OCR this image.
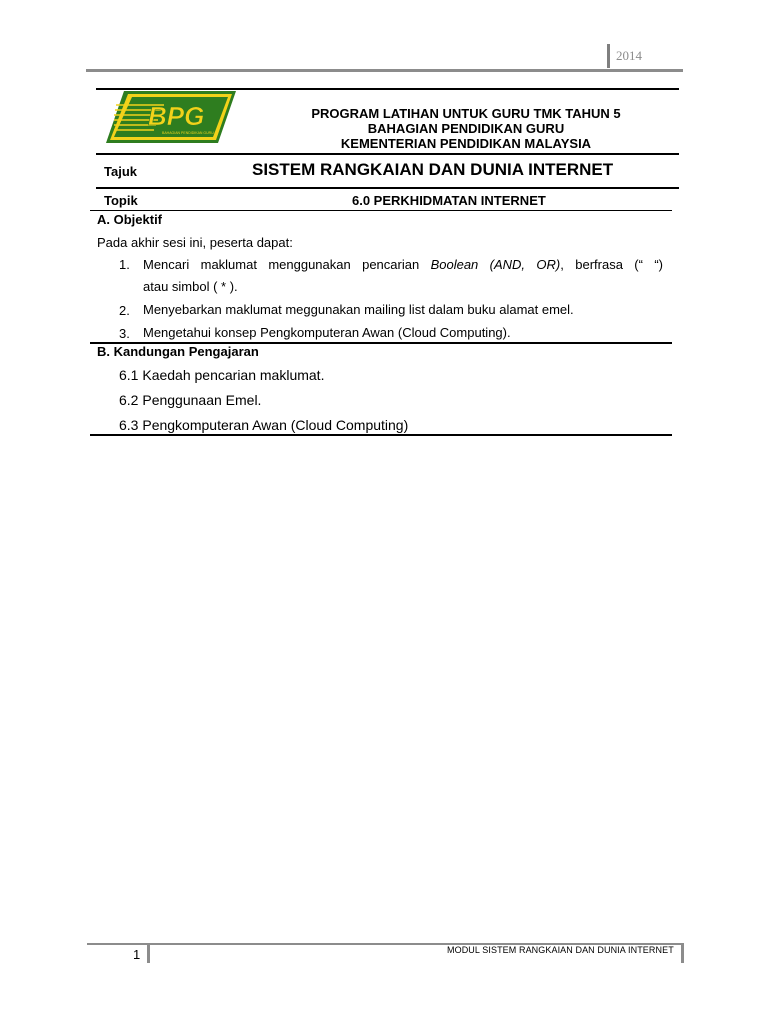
2014
BPG
BAHAGIAN PENDIDIKAN GURU
PROGRAM LATIHAN UNTUK GURU TMK TAHUN 5
BAHAGIAN PENDIDIKAN GURU
KEMENTERIAN PENDIDIKAN MALAYSIA
Tajuk	SISTEM RANGKAIAN DAN DUNIA INTERNET
Topik	6.0 PERKHIDMATAN INTERNET
A. Objektif
Pada akhir sesi ini, peserta dapat:
1. Mencari maklumat menggunakan pencarian Boolean (AND, OR), berfrasa (“ “)
atau simbol ( * ).
2. Menyebarkan maklumat meggunakan mailing list dalam buku alamat emel.
3. Mengetahui konsep Pengkomputeran Awan (Cloud Computing).
B. Kandungan Pengajaran
6.1 Kaedah pencarian maklumat.
6.2 Penggunaan Emel.
6.3 Pengkomputeran Awan (Cloud Computing)
1	MODUL SISTEM RANGKAIAN DAN DUNIA INTERNET
